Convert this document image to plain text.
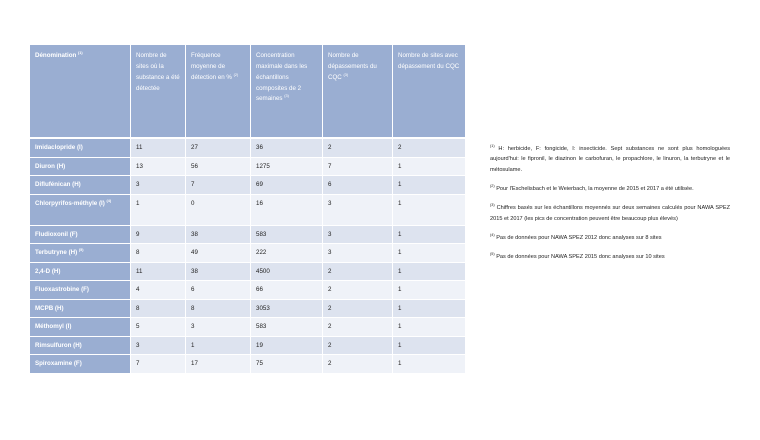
Dénomination $^{(1)}$	Nombre de sites où la substance a été détectée	Fréquence moyenne de détection en % $^{(2)}$	Concentration maximale dans les échantillons composites de 2 semaines $^{(3)}$	Nombre de dépassements du CQC $^{(3)}$	Nombre de sites avec dépassement du CQC
Imidaclopride (I)	11	27	36	2	2
Diuron (H)	13	56	1275	7	1
Diflufénican (H)	3	7	69	6	1
Chlorpyrifos-méthyle (I) $^{(4)}$	1	0	16	3	1
Fludioxonil (F)	9	38	583	3	1
Terbutryne (H) $^{(5)}$	8	49	222	3	1
2,4-D (H)	11	38	4500	2	1
Fluoxastrobine (F)	4	6	66	2	1
MCPB (H)	8	8	3053	2	1
Méthomyl (I)	5	3	583	2	1
Rimsulfuron (H)	3	1	19	2	1
Spiroxamine (F)	7	17	75	2	1

$^{(1)}$ H: herbicide, F: fongicide, I: insecticide. Sept substances ne sont plus homologuées aujourd'hui: le fipronil, le diazinon le carbofuran, le propachlore, le linuron, la terbutryne et le métosulame.

$^{(2)}$ Pour l'Eschelisbach et le Weierbach, la moyenne de 2015 et 2017 a été utilisée.

$^{(3)}$ Chiffres basés sur les échantillons moyennés sur deux semaines calculés pour NAWA SPEZ 2015 et 2017 (les pics de concentration peuvent être beaucoup plus élevés)

$^{(4)}$ Pas de données pour NAWA SPEZ 2012 donc analyses sur 8 sites

$^{(5)}$ Pas de données pour NAWA SPEZ 2015 donc analyses sur 10 sites
